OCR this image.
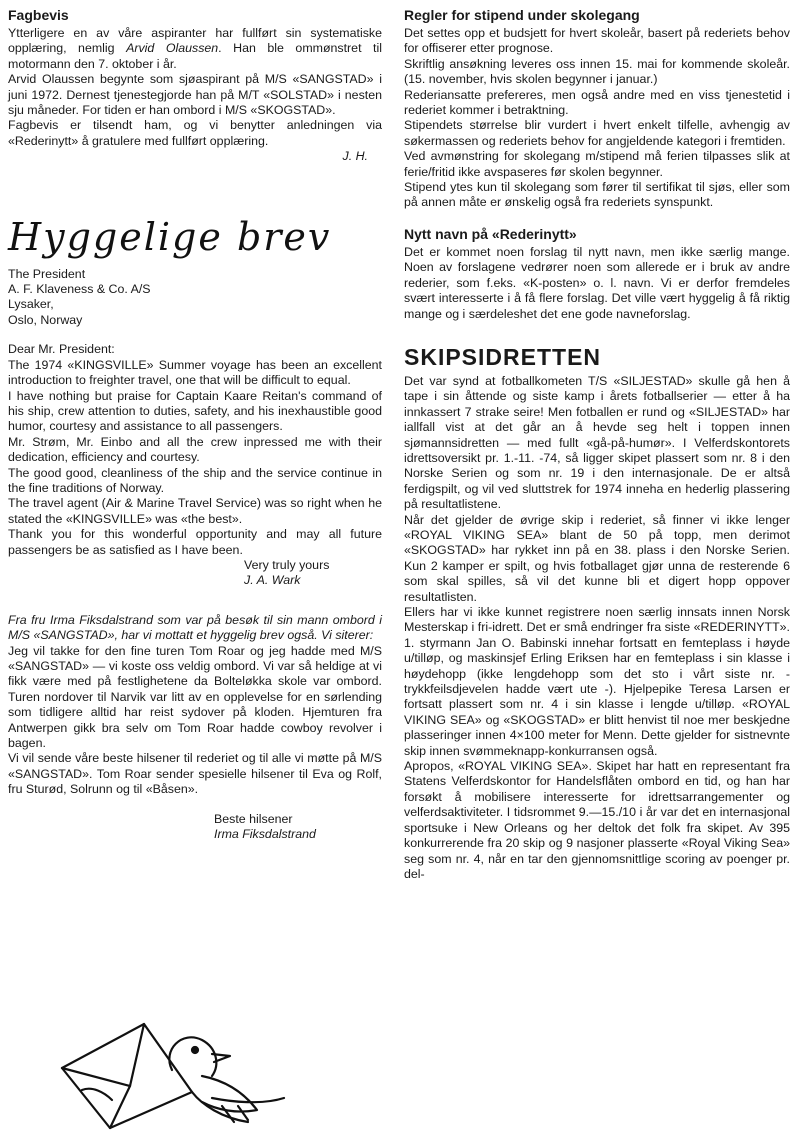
Fagbevis

Ytterligere en av våre aspiranter har fullført sin systematiske opplæring, nemlig Arvid Olaussen. Han ble ommønstret til motormann den 7. oktober i år.

Arvid Olaussen begynte som sjøaspirant på M/S «SANGSTAD» i juni 1972. Dernest tjenestegjorde han på M/T «SOLSTAD» i nesten sju måneder. For tiden er han ombord i M/S «SKOGSTAD».

Fagbevis er tilsendt ham, og vi benytter anledningen via «Rederinytt» å gratulere med fullført opplæring.

J. H.

Hyggelige brev

The President

A. F. Klaveness & Co. A/S

Lysaker,

Oslo, Norway

Dear Mr. President:

The 1974 «KINGSVILLE» Summer voyage has been an excellent introduction to freighter travel, one that will be difficult to equal.

I have nothing but praise for Captain Kaare Reitan's command of his ship, crew attention to duties, safety, and his inexhaustible good humor, courtesy and assistance to all passengers.

Mr. Strøm, Mr. Einbo and all the crew inpressed me with their dedication, efficiency and courtesy.

The good good, cleanliness of the ship and the service continue in the fine traditions of Norway.

The travel agent (Air & Marine Travel Service) was so right when he stated the «KINGSVILLE» was «the best».

Thank you for this wonderful opportunity and may all future passengers be as satisfied as I have been.

Very truly yours

J. A. Wark

Fra fru Irma Fiksdalstrand som var på besøk til sin mann ombord i M/S «SANGSTAD», har vi mottatt et hyggelig brev også. Vi siterer:

Jeg vil takke for den fine turen Tom Roar og jeg hadde med M/S «SANGSTAD» — vi koste oss veldig ombord. Vi var så heldige at vi fikk være med på festlighetene da Bolteløkka skole var ombord. Turen nordover til Narvik var litt av en opplevelse for en sørlending som tidligere alltid har reist sydover på kloden. Hjemturen fra Antwerpen gikk bra selv om Tom Roar hadde cowboy revolver i bagen.

Vi vil sende våre beste hilsener til rederiet og til alle vi møtte på M/S «SANGSTAD». Tom Roar sender spesielle hilsener til Eva og Rolf, fru Sturød, Solrunn og til «Båsen».

Beste hilsener

Irma Fiksdalstrand

Regler for stipend under skolegang

Det settes opp et budsjett for hvert skoleår, basert på rederiets behov for offiserer etter prognose.

Skriftlig ansøkning leveres oss innen 15. mai for kommende skoleår. (15. november, hvis skolen begynner i januar.)

Rederiansatte prefereres, men også andre med en viss tjenestetid i rederiet kommer i betraktning.

Stipendets størrelse blir vurdert i hvert enkelt tilfelle, avhengig av søkermassen og rederiets behov for angjeldende kategori i fremtiden.

Ved avmønstring for skolegang m/stipend må ferien tilpasses slik at ferie/fritid ikke avspaseres før skolen begynner.

Stipend ytes kun til skolegang som fører til sertifikat til sjøs, eller som på annen måte er ønskelig også fra rederiets synspunkt.

Nytt navn på «Rederinytt»

Det er kommet noen forslag til nytt navn, men ikke særlig mange. Noen av forslagene vedrører noen som allerede er i bruk av andre rederier, som f.eks. «K-posten» o. l. navn. Vi er derfor fremdeles svært interesserte i å få flere forslag. Det ville vært hyggelig å få riktig mange og i særdeleshet det ene gode navneforslag.

SKIPSIDRETTEN

Det var synd at fotballkometen T/S «SILJESTAD» skulle gå hen å tape i sin åttende og siste kamp i årets fotballserier — etter å ha innkassert 7 strake seire! Men fotballen er rund og «SILJESTAD» har iallfall vist at det går an å hevde seg helt i toppen innen sjømannsidretten — med fullt «gå-på-humør». I Velferdskontorets idrettsoversikt pr. 1.-11. -74, så ligger skipet plassert som nr. 8 i den Norske Serien og som nr. 19 i den internasjonale. De er altså ferdigspilt, og vil ved sluttstrek for 1974 inneha en hederlig plassering på resultatlistene.

Når det gjelder de øvrige skip i rederiet, så finner vi ikke lenger «ROYAL VIKING SEA» blant de 50 på topp, men derimot «SKOGSTAD» har rykket inn på en 38. plass i den Norske Serien. Kun 2 kamper er spilt, og hvis fotballaget gjør unna de resterende 6 som skal spilles, så vil det kunne bli et digert hopp oppover resultatlisten.

Ellers har vi ikke kunnet registrere noen særlig innsats innen Norsk Mesterskap i fri-idrett. Det er små endringer fra siste «REDERINYTT». 1. styrmann Jan O. Babinski innehar fortsatt en femteplass i høyde u/tilløp, og maskinsjef Erling Eriksen har en femteplass i sin klasse i høydehopp (ikke lengdehopp som det sto i vårt siste nr. - trykkfeilsdjevelen hadde vært ute -). Hjelpepike Teresa Larsen er fortsatt plassert som nr. 4 i sin klasse i lengde u/tilløp. «ROYAL VIKING SEA» og «SKOGSTAD» er blitt henvist til noe mer beskjedne plasseringer innen 4×100 meter for Menn. Dette gjelder for sistnevnte skip innen svømmeknapp-konkurransen også.

Apropos, «ROYAL VIKING SEA». Skipet har hatt en representant fra Statens Velferdskontor for Handelsflåten ombord en tid, og han har forsøkt å mobilisere interesserte for idrettsarrangementer og velferdsaktiviteter. I tidsrommet 9.—15./10 i år var det en internasjonal sportsuke i New Orleans og her deltok det folk fra skipet. Av 395 konkurrerende fra 20 skip og 9 nasjoner plasserte «Royal Viking Sea» seg som nr. 4, når en tar den gjennomsnittlige scoring av poenger pr. del-
